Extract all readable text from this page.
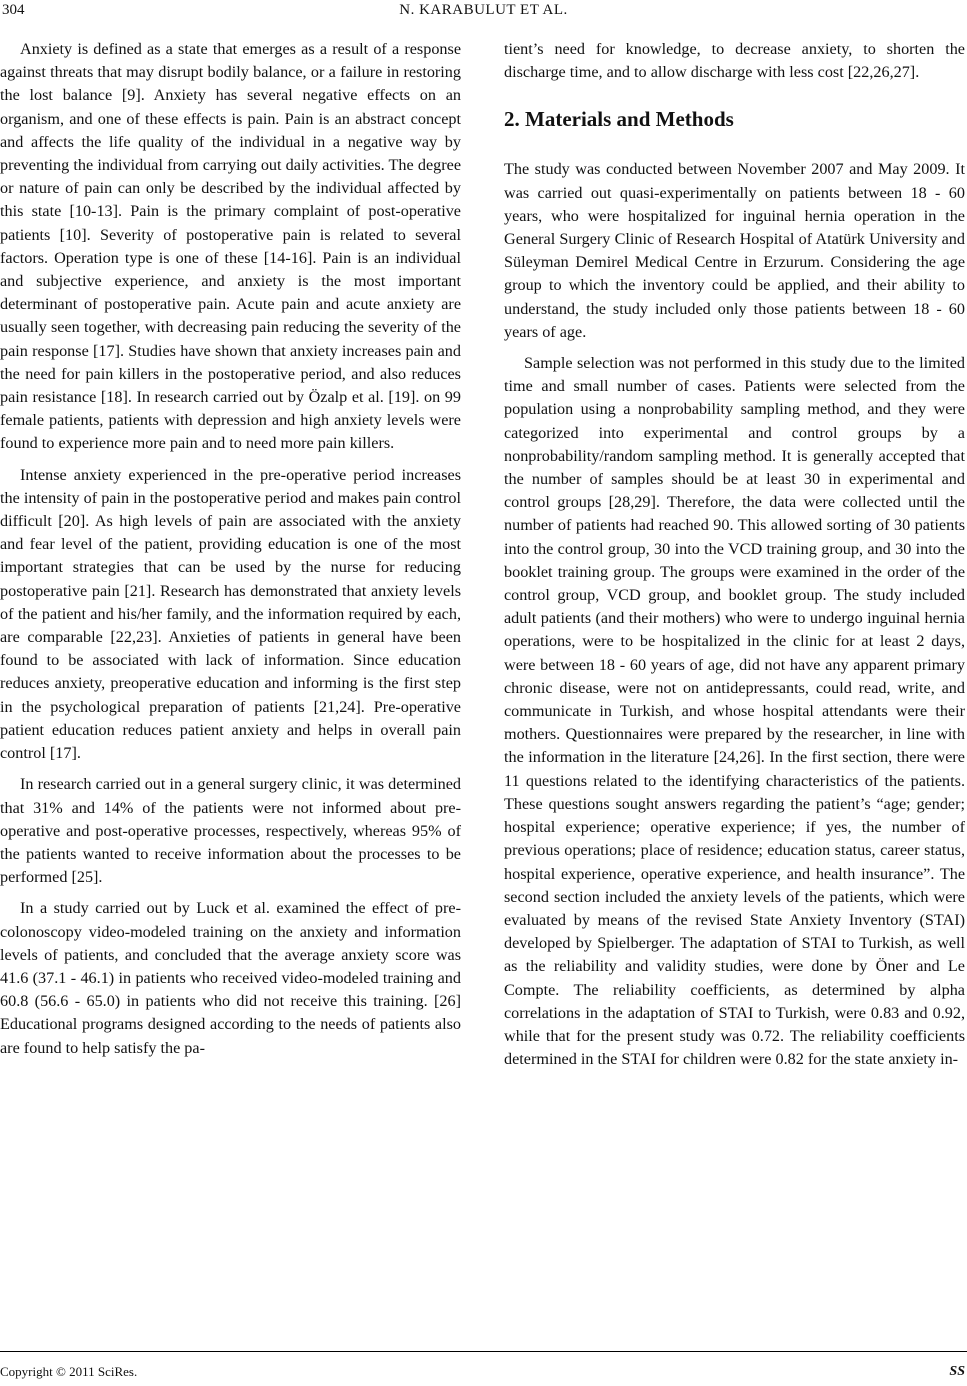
304	N. KARABULUT ET AL.

Anxiety is defined as a state that emerges as a result of a response against threats that may disrupt bodily balance, or a failure in restoring the lost balance [9]. Anxiety has several negative effects on an organism, and one of these effects is pain. Pain is an abstract concept and affects the life quality of the individual in a negative way by preventing the individual from carrying out daily activities. The degree or nature of pain can only be described by the individual affected by this state [10-13]. Pain is the primary complaint of post-operative patients [10]. Severity of postoperative pain is related to several factors. Operation type is one of these [14-16]. Pain is an individual and subjective experience, and anxiety is the most important determinant of postoperative pain. Acute pain and acute anxiety are usually seen together, with decreasing pain reducing the severity of the pain response [17]. Studies have shown that anxiety increases pain and the need for pain killers in the postoperative period, and also reduces pain resistance [18]. In research carried out by Özalp et al. [19]. on 99 female patients, patients with depression and high anxiety levels were found to experience more pain and to need more pain killers.

Intense anxiety experienced in the pre-operative period increases the intensity of pain in the postoperative period and makes pain control difficult [20]. As high levels of pain are associated with the anxiety and fear level of the patient, providing education is one of the most important strategies that can be used by the nurse for reducing postoperative pain [21]. Research has demonstrated that anxiety levels of the patient and his/her family, and the information required by each, are comparable [22,23]. Anxieties of patients in general have been found to be associated with lack of information. Since education reduces anxiety, preoperative education and informing is the first step in the psychological preparation of patients [21,24]. Pre-operative patient education reduces patient anxiety and helps in overall pain control [17].

In research carried out in a general surgery clinic, it was determined that 31% and 14% of the patients were not informed about pre-operative and post-operative processes, respectively, whereas 95% of the patients wanted to receive information about the processes to be performed [25].

In a study carried out by Luck et al. examined the effect of pre-colonoscopy video-modeled training on the anxiety and information levels of patients, and concluded that the average anxiety score was 41.6 (37.1 - 46.1) in patients who received video-modeled training and 60.8 (56.6 - 65.0) in patients who did not receive this training. [26] Educational programs designed according to the needs of patients also are found to help satisfy the pa-

tient’s need for knowledge, to decrease anxiety, to shorten the discharge time, and to allow discharge with less cost [22,26,27].

2. Materials and Methods

The study was conducted between November 2007 and May 2009. It was carried out quasi-experimentally on patients between 18 - 60 years, who were hospitalized for inguinal hernia operation in the General Surgery Clinic of Research Hospital of Atatürk University and Süleyman Demirel Medical Centre in Erzurum. Considering the age group to which the inventory could be applied, and their ability to understand, the study included only those patients between 18 - 60 years of age.

Sample selection was not performed in this study due to the limited time and small number of cases. Patients were selected from the population using a nonprobability sampling method, and they were categorized into experimental and control groups by a nonprobability/random sampling method. It is generally accepted that the number of samples should be at least 30 in experimental and control groups [28,29]. Therefore, the data were collected until the number of patients had reached 90. This allowed sorting of 30 patients into the control group, 30 into the VCD training group, and 30 into the booklet training group. The groups were examined in the order of the control group, VCD group, and booklet group. The study included adult patients (and their mothers) who were to undergo inguinal hernia operations, were to be hospitalized in the clinic for at least 2 days, were between 18 - 60 years of age, did not have any apparent primary chronic disease, were not on antidepressants, could read, write, and communicate in Turkish, and whose hospital attendants were their mothers. Questionnaires were prepared by the researcher, in line with the information in the literature [24,26]. In the first section, there were 11 questions related to the identifying characteristics of the patients. These questions sought answers regarding the patient’s “age; gender; hospital experience; operative experience; if yes, the number of previous operations; place of residence; education status, career status, hospital experience, operative experience, and health insurance”. The second section included the anxiety levels of the patients, which were evaluated by means of the revised State Anxiety Inventory (STAI) developed by Spielberger. The adaptation of STAI to Turkish, as well as the reliability and validity studies, were done by Öner and Le Compte. The reliability coefficients, as determined by alpha correlations in the adaptation of STAI to Turkish, were 0.83 and 0.92, while that for the present study was 0.72. The reliability coefficients determined in the STAI for children were 0.82 for the state anxiety in-

Copyright © 2011 SciRes.	SS
